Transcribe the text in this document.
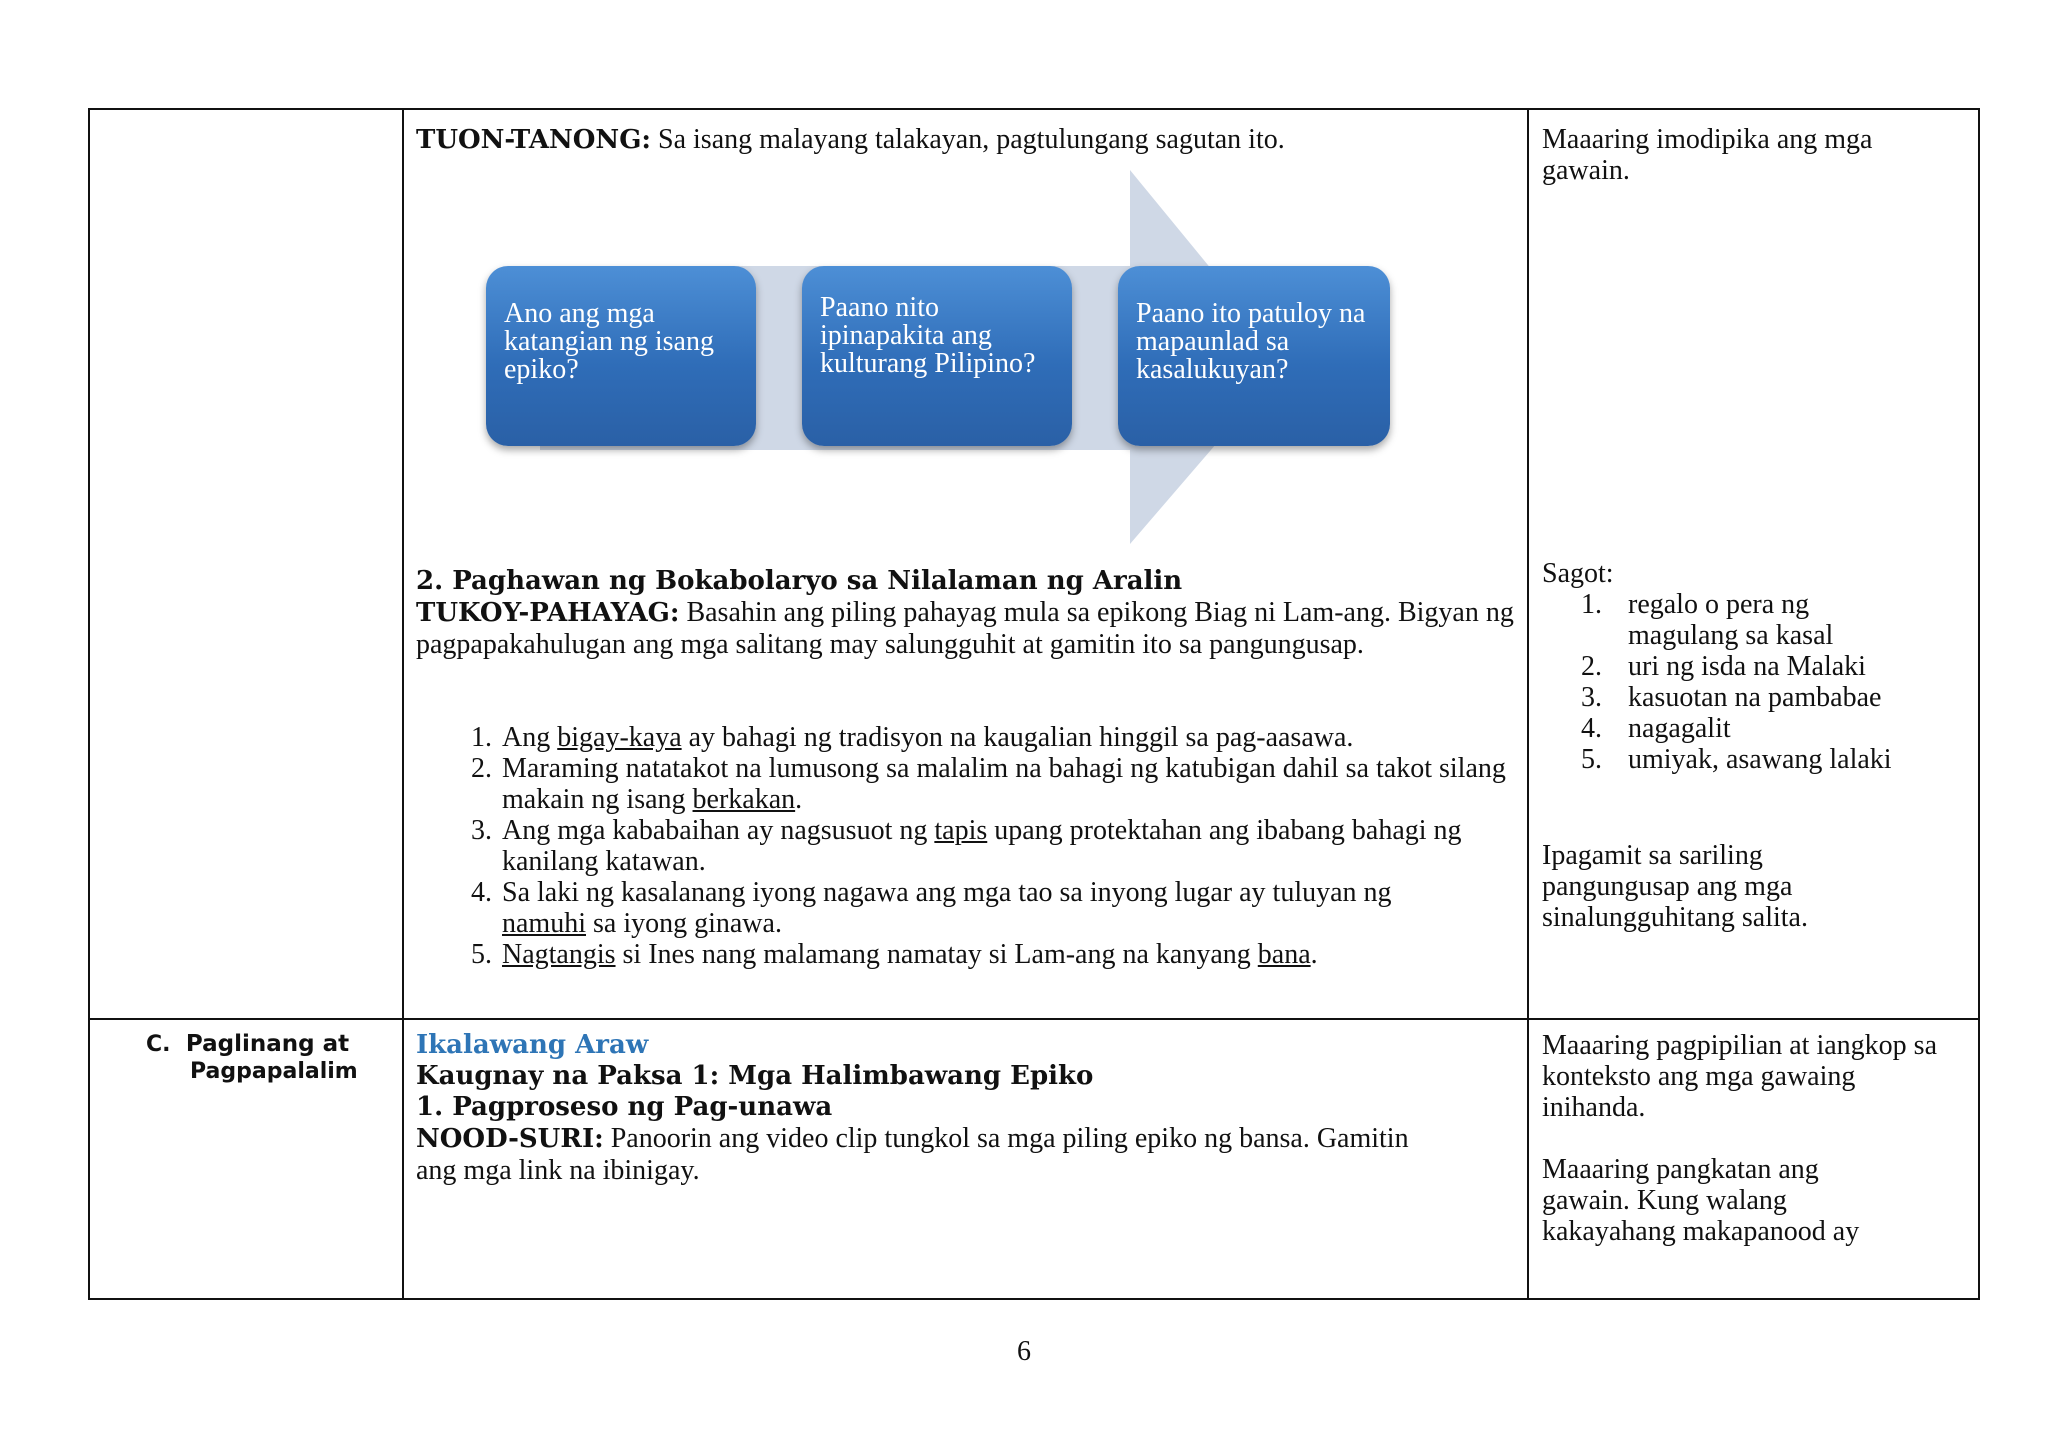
TUON-TANONG: Sa isang malayang talakayan, pagtulungang sagutan ito.
Ano ang mga katangian ng isang epiko?
Paano nito ipinapakita ang kulturang Pilipino?
Paano ito patuloy na mapaunlad sa kasalukuyan?
2. Paghawan ng Bokabolaryo sa Nilalaman ng Aralin
TUKOY-PAHAYAG: Basahin ang piling pahayag mula sa epikong Biag ni Lam-ang. Bigyan ng pagpapakahulugan ang mga salitang may salungguhit at gamitin ito sa pangungusap.
1. Ang bigay-kaya ay bahagi ng tradisyon na kaugalian hinggil sa pag-aasawa.
2. Maraming natatakot na lumusong sa malalim na bahagi ng katubigan dahil sa takot silang makain ng isang berkakan.
3. Ang mga kababaihan ay nagsusuot ng tapis upang protektahan ang ibabang bahagi ng kanilang katawan.
4. Sa laki ng kasalanang iyong nagawa ang mga tao sa inyong lugar ay tuluyan ng namuhi sa iyong ginawa.
5. Nagtangis si Ines nang malamang namatay si Lam-ang na kanyang bana.
Maaaring imodipika ang mga gawain.
Sagot:
1. regalo o pera ng magulang sa kasal
2. uri ng isda na Malaki
3. kasuotan na pambabae
4. nagagalit
5. umiyak, asawang lalaki
Ipagamit sa sariling pangungusap ang mga sinalungguhitang salita.
C. Paglinang at
Pagpapalalim
Ikalawang Araw
Kaugnay na Paksa 1: Mga Halimbawang Epiko
1. Pagproseso ng Pag-unawa
NOOD-SURI: Panoorin ang video clip tungkol sa mga piling epiko ng bansa. Gamitin ang mga link na ibinigay.
Maaaring pagpipilian at iangkop sa konteksto ang mga gawaing inihanda.
Maaaring pangkatan ang gawain. Kung walang kakayahang makapanood ay
6
